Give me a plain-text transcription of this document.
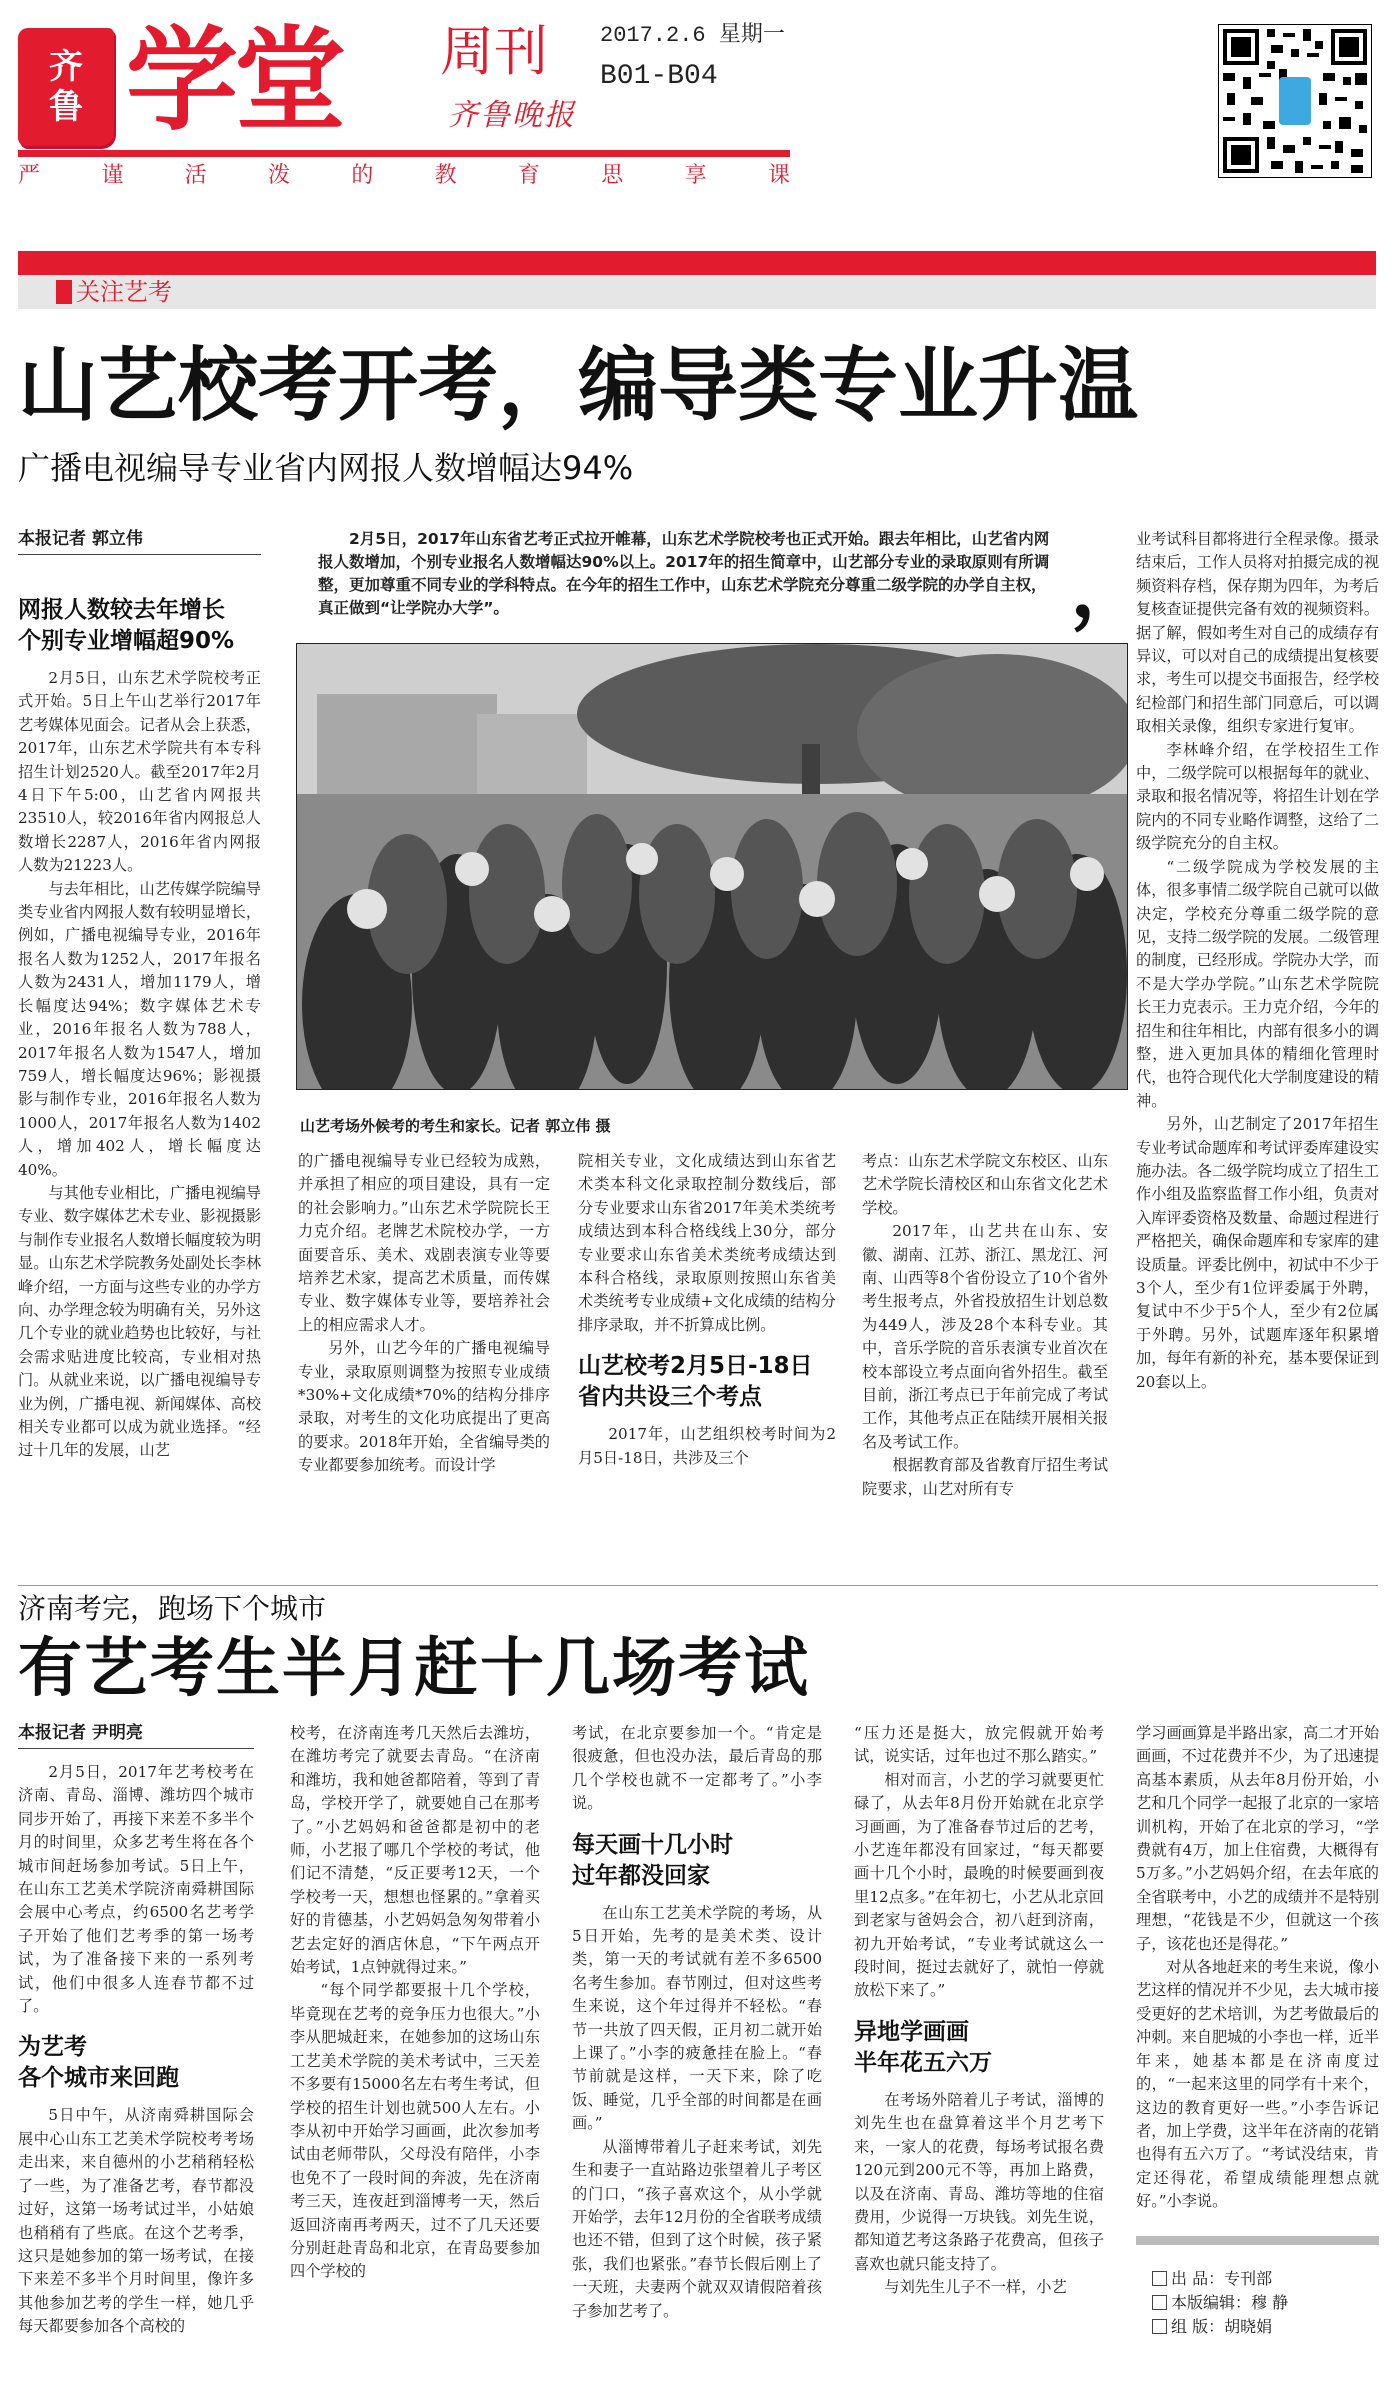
齐
鲁 学堂	周刊
齐鲁晚报
2017.2.6 星期一
B01-B04
严	谨	活	泼	的	教	育	思	享	课
关注艺考
山艺校考开考，编导类专业升温
广播电视编导专业省内网报人数增幅达94%
2月5日，2017年山东省艺考正式拉开帷幕，山东艺术学院校考也正式开始。跟去年相比，山艺省内网报人数增加，个别专业报名人数增幅达90%以上。2017年的招生简章中，山艺部分专业的录取原则有所调整，更加尊重不同专业的学科特点。在今年的招生工作中，山东艺术学院充分尊重二级学院的办学自主权，真正做到“让学院办大学”。	，
山艺考场外候考的考生和家长。记者 郭立伟 摄
本报记者 郭立伟
网报人数较去年增长
个别专业增幅超90%

2月5日，山东艺术学院校考正式开始。5日上午山艺举行2017年艺考媒体见面会。记者从会上获悉，2017年，山东艺术学院共有本专科招生计划2520人。截至2017年2月4日下午5:00，山艺省内网报共23510人，较2016年省内网报总人数增长2287人，2016年省内网报人数为21223人。

与去年相比，山艺传媒学院编导类专业省内网报人数有较明显增长，例如，广播电视编导专业，2016年报名人数为1252人，2017年报名人数为2431人，增加1179人，增长幅度达94%；数字媒体艺术专业，2016年报名人数为788人，2017年报名人数为1547人，增加759人，增长幅度达96%；影视摄影与制作专业，2016年报名人数为1000人，2017年报名人数为1402人，增加402人，增长幅度达40%。

与其他专业相比，广播电视编导专业、数字媒体艺术专业、影视摄影与制作专业报名人数增长幅度较为明显。山东艺术学院教务处副处长李林峰介绍，一方面与这些专业的办学方向、办学理念较为明确有关，另外这几个专业的就业趋势也比较好，与社会需求贴进度比较高，专业相对热门。从就业来说，以广播电视编导专业为例，广播电视、新闻媒体、高校相关专业都可以成为就业选择。“经过十几年的发展，山艺

的广播电视编导专业已经较为成熟，并承担了相应的项目建设，具有一定的社会影响力。”山东艺术学院院长王力克介绍。老牌艺术院校办学，一方面要音乐、美术、戏剧表演专业等要培养艺术家，提高艺术质量，而传媒专业、数字媒体专业等，要培养社会上的相应需求人才。

另外，山艺今年的广播电视编导专业，录取原则调整为按照专业成绩*30%+文化成绩*70%的结构分排序录取，对考生的文化功底提出了更高的要求。2018年开始，全省编导类的专业都要参加统考。而设计学

院相关专业，文化成绩达到山东省艺术类本科文化录取控制分数线后，部分专业要求山东省2017年美术类统考成绩达到本科合格线线上30分，部分专业要求山东省美术类统考成绩达到本科合格线，录取原则按照山东省美术类统考专业成绩+文化成绩的结构分排序录取，并不折算成比例。

山艺校考2月5日-18日
省内共设三个考点

2017年，山艺组织校考时间为2月5日-18日，共涉及三个

考点：山东艺术学院文东校区、山东艺术学院长清校区和山东省文化艺术学校。

2017年，山艺共在山东、安徽、湖南、江苏、浙江、黑龙江、河南、山西等8个省份设立了10个省外考生报考点，外省投放招生计划总数为449人，涉及28个本科专业。其中，音乐学院的音乐表演专业首次在校本部设立考点面向省外招生。截至目前，浙江考点已于年前完成了考试工作，其他考点正在陆续开展相关报名及考试工作。

根据教育部及省教育厅招生考试院要求，山艺对所有专

业考试科目都将进行全程录像。摄录结束后，工作人员将对拍摄完成的视频资料存档，保存期为四年，为考后复核查证提供完备有效的视频资料。据了解，假如考生对自己的成绩存有异议，可以对自己的成绩提出复核要求，考生可以提交书面报告，经学校纪检部门和招生部门同意后，可以调取相关录像，组织专家进行复审。

李林峰介绍，在学校招生工作中，二级学院可以根据每年的就业、录取和报名情况等，将招生计划在学院内的不同专业略作调整，这给了二级学院充分的自主权。

“二级学院成为学校发展的主体，很多事情二级学院自己就可以做决定，学校充分尊重二级学院的意见，支持二级学院的发展。二级管理的制度，已经形成。学院办大学，而不是大学办学院。”山东艺术学院院长王力克表示。王力克介绍，今年的招生和往年相比，内部有很多小的调整，进入更加具体的精细化管理时代，也符合现代化大学制度建设的精神。

另外，山艺制定了2017年招生专业考试命题库和考试评委库建设实施办法。各二级学院均成立了招生工作小组及监察监督工作小组，负责对入库评委资格及数量、命题过程进行严格把关，确保命题库和专家库的建设质量。评委比例中，初试中不少于3个人，至少有1位评委属于外聘，复试中不少于5个人，至少有2位属于外聘。另外，试题库逐年积累增加，每年有新的补充，基本要保证到20套以上。

济南考完，跑场下个城市
有艺考生半月赶十几场考试
本报记者 尹明亮

2月5日，2017年艺考校考在济南、青岛、淄博、潍坊四个城市同步开始了，再接下来差不多半个月的时间里，众多艺考生将在各个城市间赶场参加考试。5日上午，在山东工艺美术学院济南舜耕国际会展中心考点，约6500名艺考学子开始了他们艺考季的第一场考试，为了准备接下来的一系列考试，他们中很多人连春节都不过了。

为艺考
各个城市来回跑

5日中午，从济南舜耕国际会展中心山东工艺美术学院校考考场走出来，来自德州的小艺稍稍轻松了一些，为了准备艺考，春节都没过好，这第一场考试过半，小姑娘也稍稍有了些底。在这个艺考季，这只是她参加的第一场考试，在接下来差不多半个月时间里，像许多其他参加艺考的学生一样，她几乎每天都要参加各个高校的

校考，在济南连考几天然后去潍坊，在潍坊考完了就要去青岛。“在济南和潍坊，我和她爸都陪着，等到了青岛，学校开学了，就要她自己在那考了。”小艺妈妈和爸爸都是初中的老师，小艺报了哪几个学校的考试，他们记不清楚，“反正要考12天，一个学校考一天，想想也怪累的。”拿着买好的肯德基，小艺妈妈急匆匆带着小艺去定好的酒店休息，“下午两点开始考试，1点钟就得过来。”

“每个同学都要报十几个学校，毕竟现在艺考的竞争压力也很大。”小李从肥城赶来，在她参加的这场山东工艺美术学院的美术考试中，三天差不多要有15000名左右考生考试，但学校的招生计划也就500人左右。小李从初中开始学习画画，此次参加考试由老师带队，父母没有陪伴，小李也免不了一段时间的奔波，先在济南考三天，连夜赶到淄博考一天，然后返回济南再考两天，过不了几天还要分别赶赴青岛和北京，在青岛要参加四个学校的

考试，在北京要参加一个。“肯定是很疲惫，但也没办法，最后青岛的那几个学校也就不一定都考了。”小李说。

每天画十几小时
过年都没回家

在山东工艺美术学院的考场，从5日开始，先考的是美术类、设计类，第一天的考试就有差不多6500名考生参加。春节刚过，但对这些考生来说，这个年过得并不轻松。“春节一共放了四天假，正月初二就开始上课了。”小李的疲惫挂在脸上。“春节前就是这样，一天下来，除了吃饭、睡觉，几乎全部的时间都是在画画。”

从淄博带着儿子赶来考试，刘先生和妻子一直站路边张望着儿子考区的门口，“孩子喜欢这个，从小学就开始学，去年12月份的全省联考成绩也还不错，但到了这个时候，孩子紧张，我们也紧张。”春节长假后刚上了一天班，夫妻两个就双双请假陪着孩子参加艺考了。

“压力还是挺大，放完假就开始考试，说实话，过年也过不那么踏实。”

相对而言，小艺的学习就要更忙碌了，从去年8月份开始就在北京学习画画，为了准备春节过后的艺考，小艺连年都没有回家过，“每天都要画十几个小时，最晚的时候要画到夜里12点多。”在年初七，小艺从北京回到老家与爸妈会合，初八赶到济南，初九开始考试，“专业考试就这么一段时间，挺过去就好了，就怕一停就放松下来了。”

异地学画画
半年花五六万

在考场外陪着儿子考试，淄博的刘先生也在盘算着这半个月艺考下来，一家人的花费，每场考试报名费120元到200元不等，再加上路费，以及在济南、青岛、潍坊等地的住宿费用，少说得一万块钱。刘先生说，都知道艺考这条路子花费高，但孩子喜欢也就只能支持了。

与刘先生儿子不一样，小艺

学习画画算是半路出家，高二才开始画画，不过花费并不少，为了迅速提高基本素质，从去年8月份开始，小艺和几个同学一起报了北京的一家培训机构，开始了在北京的学习，“学费就有4万，加上住宿费，大概得有5万多。”小艺妈妈介绍，在去年底的全省联考中，小艺的成绩并不是特别理想，“花钱是不少，但就这一个孩子，该花也还是得花。”

对从各地赶来的考生来说，像小艺这样的情况并不少见，去大城市接受更好的艺术培训，为艺考做最后的冲刺。来自肥城的小李也一样，近半年来，她基本都是在济南度过的，“一起来这里的同学有十来个，这边的教育更好一些。”小李告诉记者，加上学费，这半年在济南的花销也得有五六万了。“考试没结束，肯定还得花，希望成绩能理想点就好。”小李说。

出 品 ： 专刊部
本版编辑 ： 穆 静
组 版 ： 胡晓娟
